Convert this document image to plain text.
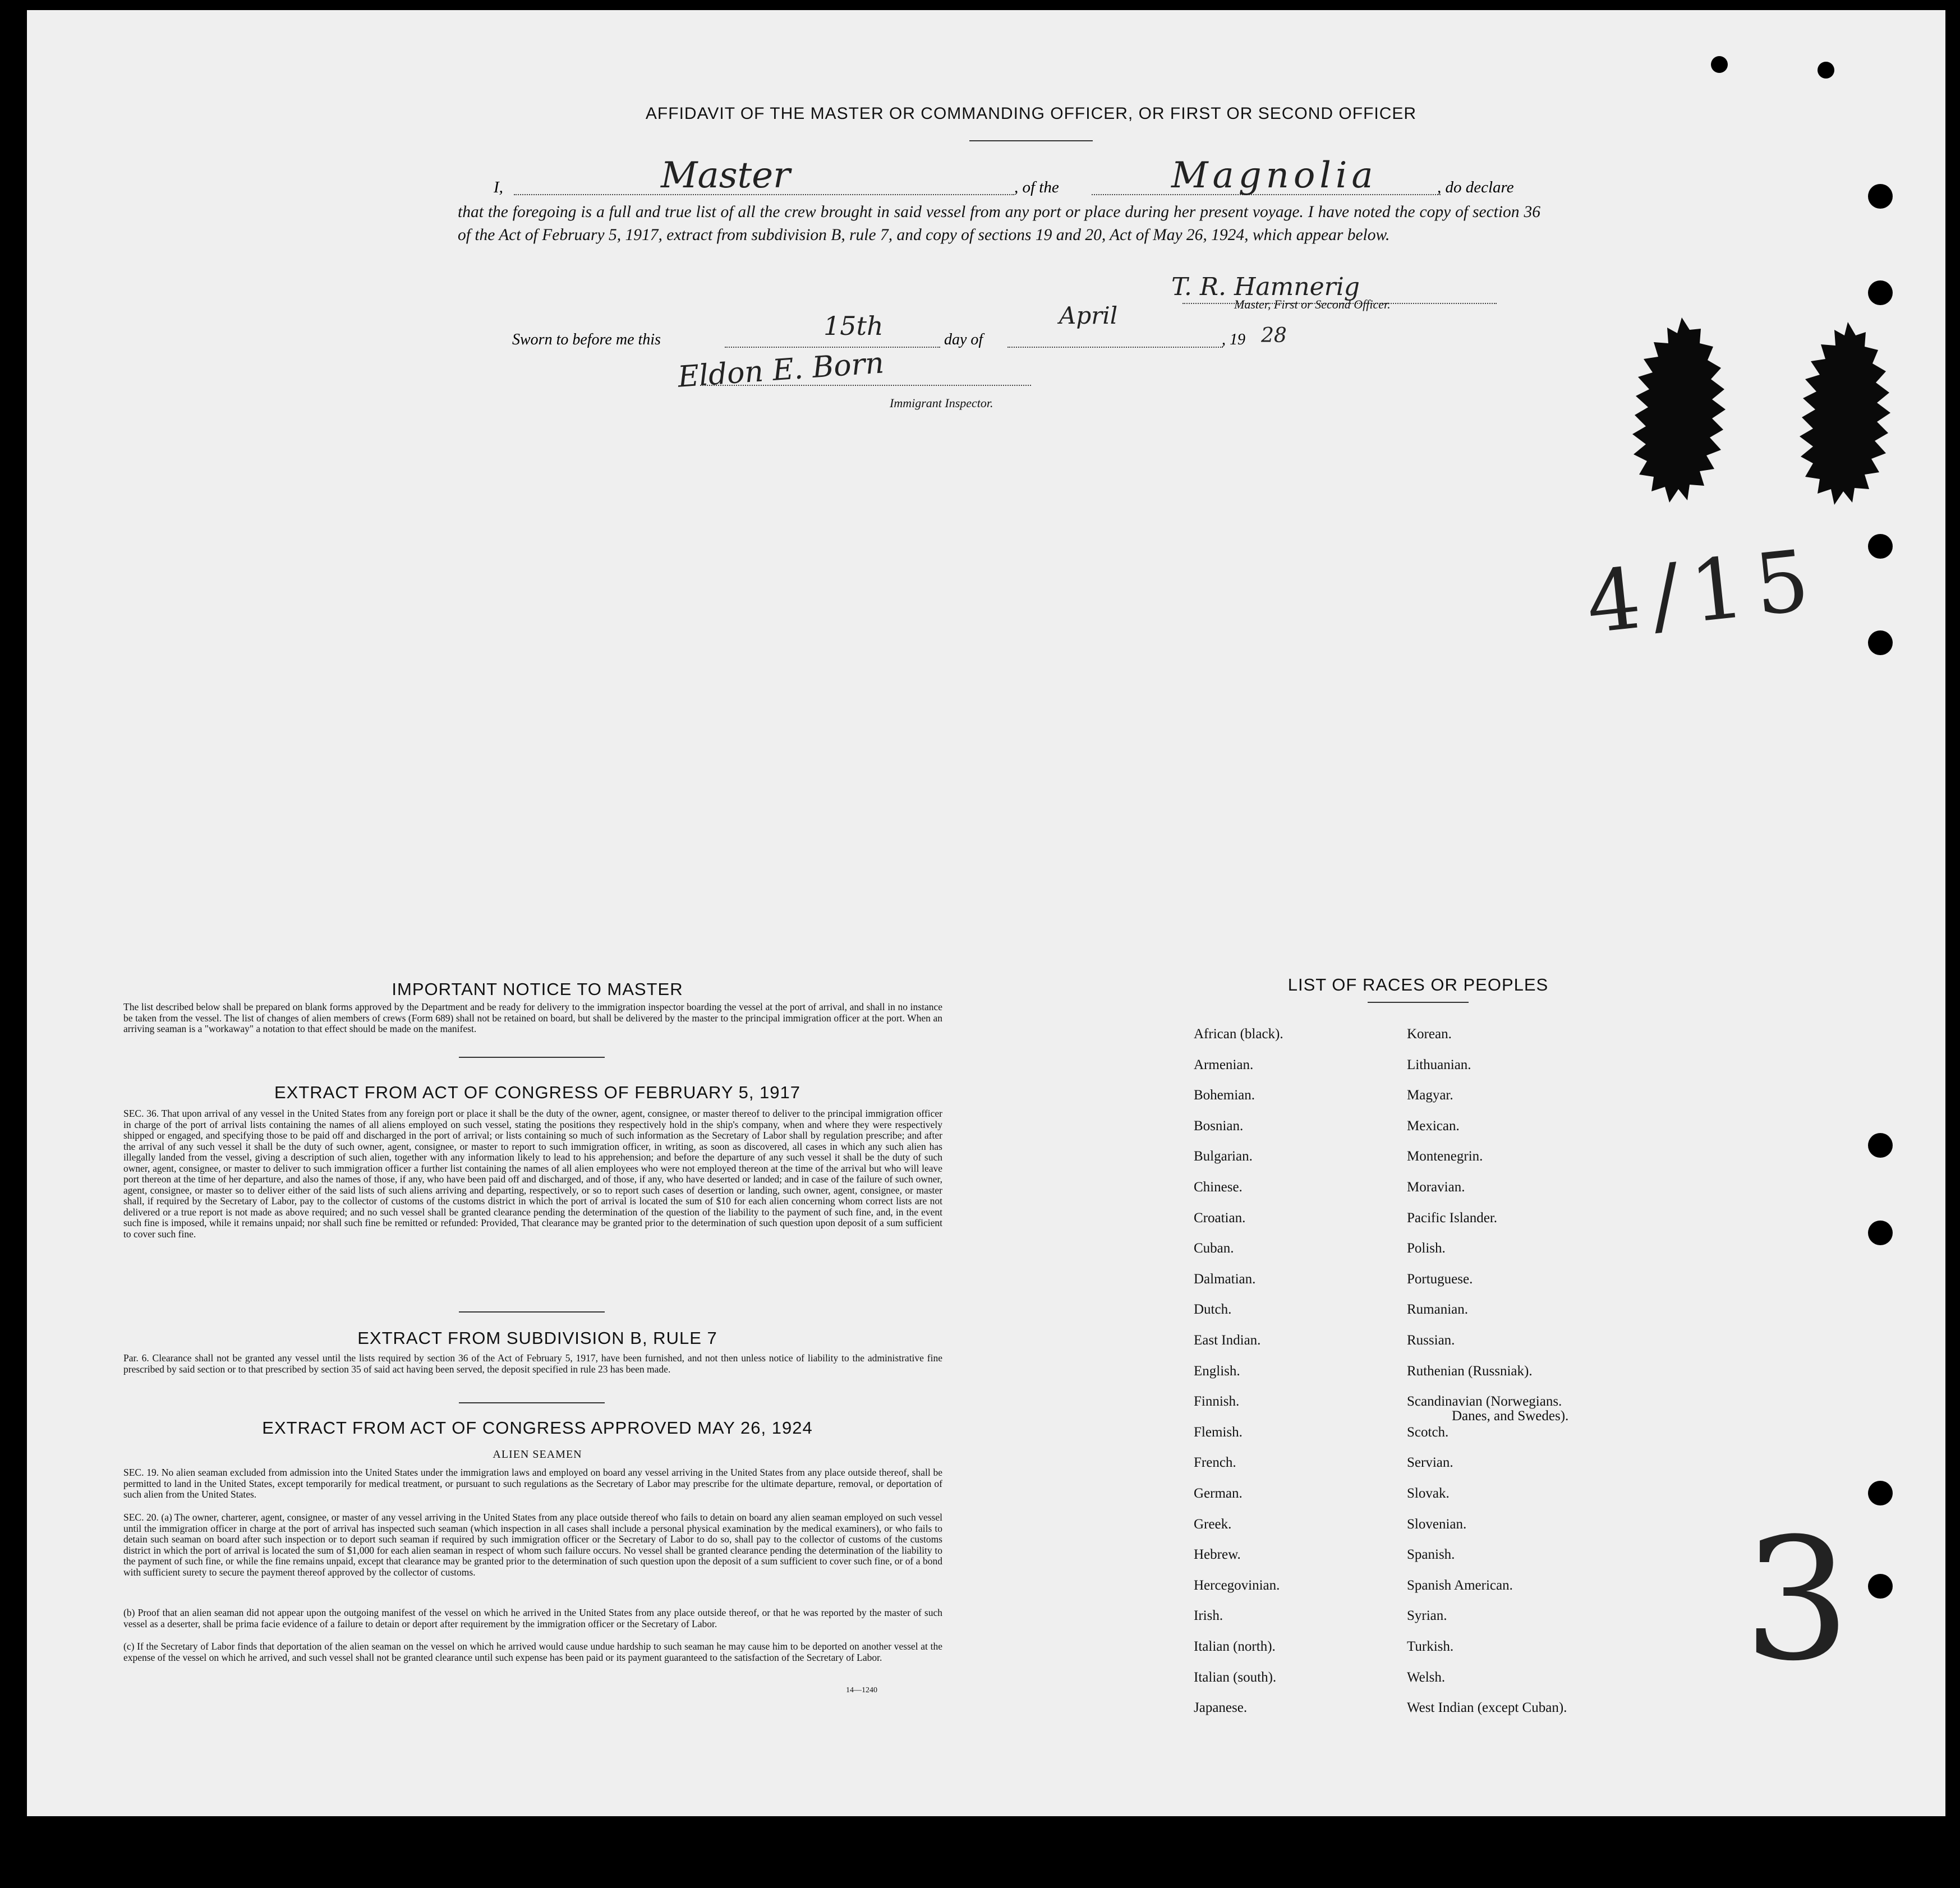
AFFIDAVIT OF THE MASTER OR COMMANDING OFFICER, OR FIRST OR SECOND OFFICER
I,	Master	, of the	Magnolia	, do declare
that the foregoing is a full and true list of all the crew brought in said vessel from any port or place during her present voyage. I have noted the copy of section 36 of the Act of February 5, 1917, extract from subdivision B, rule 7, and copy of sections 19 and 20, Act of May 26, 1924, which appear below.
T. R. Hamnerig
Master, First or Second Officer.
Sworn to before me this	15th	day of
April
, 19 28
Eldon E. Born
Immigrant Inspector.
4/15
3
IMPORTANT NOTICE TO MASTER
The list described below shall be prepared on blank forms approved by the Department and be ready for delivery to the immigration inspector boarding the vessel at the port of arrival, and shall in no instance be taken from the vessel. The list of changes of alien members of crews (Form 689) shall not be retained on board, but shall be delivered by the master to the principal immigration officer at the port. When an arriving seaman is a "workaway" a notation to that effect should be made on the manifest.
EXTRACT FROM ACT OF CONGRESS OF FEBRUARY 5, 1917
SEC. 36. That upon arrival of any vessel in the United States from any foreign port or place it shall be the duty of the owner, agent, consignee, or master thereof to deliver to the principal immigration officer in charge of the port of arrival lists containing the names of all aliens employed on such vessel, stating the positions they respectively hold in the ship's company, when and where they were respectively shipped or engaged, and specifying those to be paid off and discharged in the port of arrival; or lists containing so much of such information as the Secretary of Labor shall by regulation prescribe; and after the arrival of any such vessel it shall be the duty of such owner, agent, consignee, or master to report to such immigration officer, in writing, as soon as discovered, all cases in which any such alien has illegally landed from the vessel, giving a description of such alien, together with any information likely to lead to his apprehension; and before the departure of any such vessel it shall be the duty of such owner, agent, consignee, or master to deliver to such immigration officer a further list containing the names of all alien employees who were not employed thereon at the time of the arrival but who will leave port thereon at the time of her departure, and also the names of those, if any, who have been paid off and discharged, and of those, if any, who have deserted or landed; and in case of the failure of such owner, agent, consignee, or master so to deliver either of the said lists of such aliens arriving and departing, respectively, or so to report such cases of desertion or landing, such owner, agent, consignee, or master shall, if required by the Secretary of Labor, pay to the collector of customs of the customs district in which the port of arrival is located the sum of $10 for each alien concerning whom correct lists are not delivered or a true report is not made as above required; and no such vessel shall be granted clearance pending the determination of the question of the liability to the payment of such fine, and, in the event such fine is imposed, while it remains unpaid; nor shall such fine be remitted or refunded: Provided, That clearance may be granted prior to the determination of such question upon deposit of a sum sufficient to cover such fine.
EXTRACT FROM SUBDIVISION B, RULE 7
Par. 6. Clearance shall not be granted any vessel until the lists required by section 36 of the Act of February 5, 1917, have been furnished, and not then unless notice of liability to the administrative fine prescribed by said section or to that prescribed by section 35 of said act having been served, the deposit specified in rule 23 has been made.
EXTRACT FROM ACT OF CONGRESS APPROVED MAY 26, 1924
ALIEN SEAMEN
SEC. 19. No alien seaman excluded from admission into the United States under the immigration laws and employed on board any vessel arriving in the United States from any place outside thereof, shall be permitted to land in the United States, except temporarily for medical treatment, or pursuant to such regulations as the Secretary of Labor may prescribe for the ultimate departure, removal, or deportation of such alien from the United States.
SEC. 20. (a) The owner, charterer, agent, consignee, or master of any vessel arriving in the United States from any place outside thereof who fails to detain on board any alien seaman employed on such vessel until the immigration officer in charge at the port of arrival has inspected such seaman (which inspection in all cases shall include a personal physical examination by the medical examiners), or who fails to detain such seaman on board after such inspection or to deport such seaman if required by such immigration officer or the Secretary of Labor to do so, shall pay to the collector of customs of the customs district in which the port of arrival is located the sum of $1,000 for each alien seaman in respect of whom such failure occurs. No vessel shall be granted clearance pending the determination of the liability to the payment of such fine, or while the fine remains unpaid, except that clearance may be granted prior to the determination of such question upon the deposit of a sum sufficient to cover such fine, or of a bond with sufficient surety to secure the payment thereof approved by the collector of customs.
(b) Proof that an alien seaman did not appear upon the outgoing manifest of the vessel on which he arrived in the United States from any place outside thereof, or that he was reported by the master of such vessel as a deserter, shall be prima facie evidence of a failure to detain or deport after requirement by the immigration officer or the Secretary of Labor.
(c) If the Secretary of Labor finds that deportation of the alien seaman on the vessel on which he arrived would cause undue hardship to such seaman he may cause him to be deported on another vessel at the expense of the vessel on which he arrived, and such vessel shall not be granted clearance until such expense has been paid or its payment guaranteed to the satisfaction of the Secretary of Labor.
14—1240
LIST OF RACES OR PEOPLES
African (black).
Armenian.
Bohemian.
Bosnian.
Bulgarian.
Chinese.
Croatian.
Cuban.
Dalmatian.
Dutch.
East Indian.
English.
Finnish.
Flemish.
French.
German.
Greek.
Hebrew.
Hercegovinian.
Irish.
Italian (north).
Italian (south).
Japanese.
Korean.
Lithuanian.
Magyar.
Mexican.
Montenegrin.
Moravian.
Pacific Islander.
Polish.
Portuguese.
Rumanian.
Russian.
Ruthenian (Russniak).
Scandinavian (Norwegians.
Danes, and Swedes).
Scotch.
Servian.
Slovak.
Slovenian.
Spanish.
Spanish American.
Syrian.
Turkish.
Welsh.
West Indian (except Cuban).
